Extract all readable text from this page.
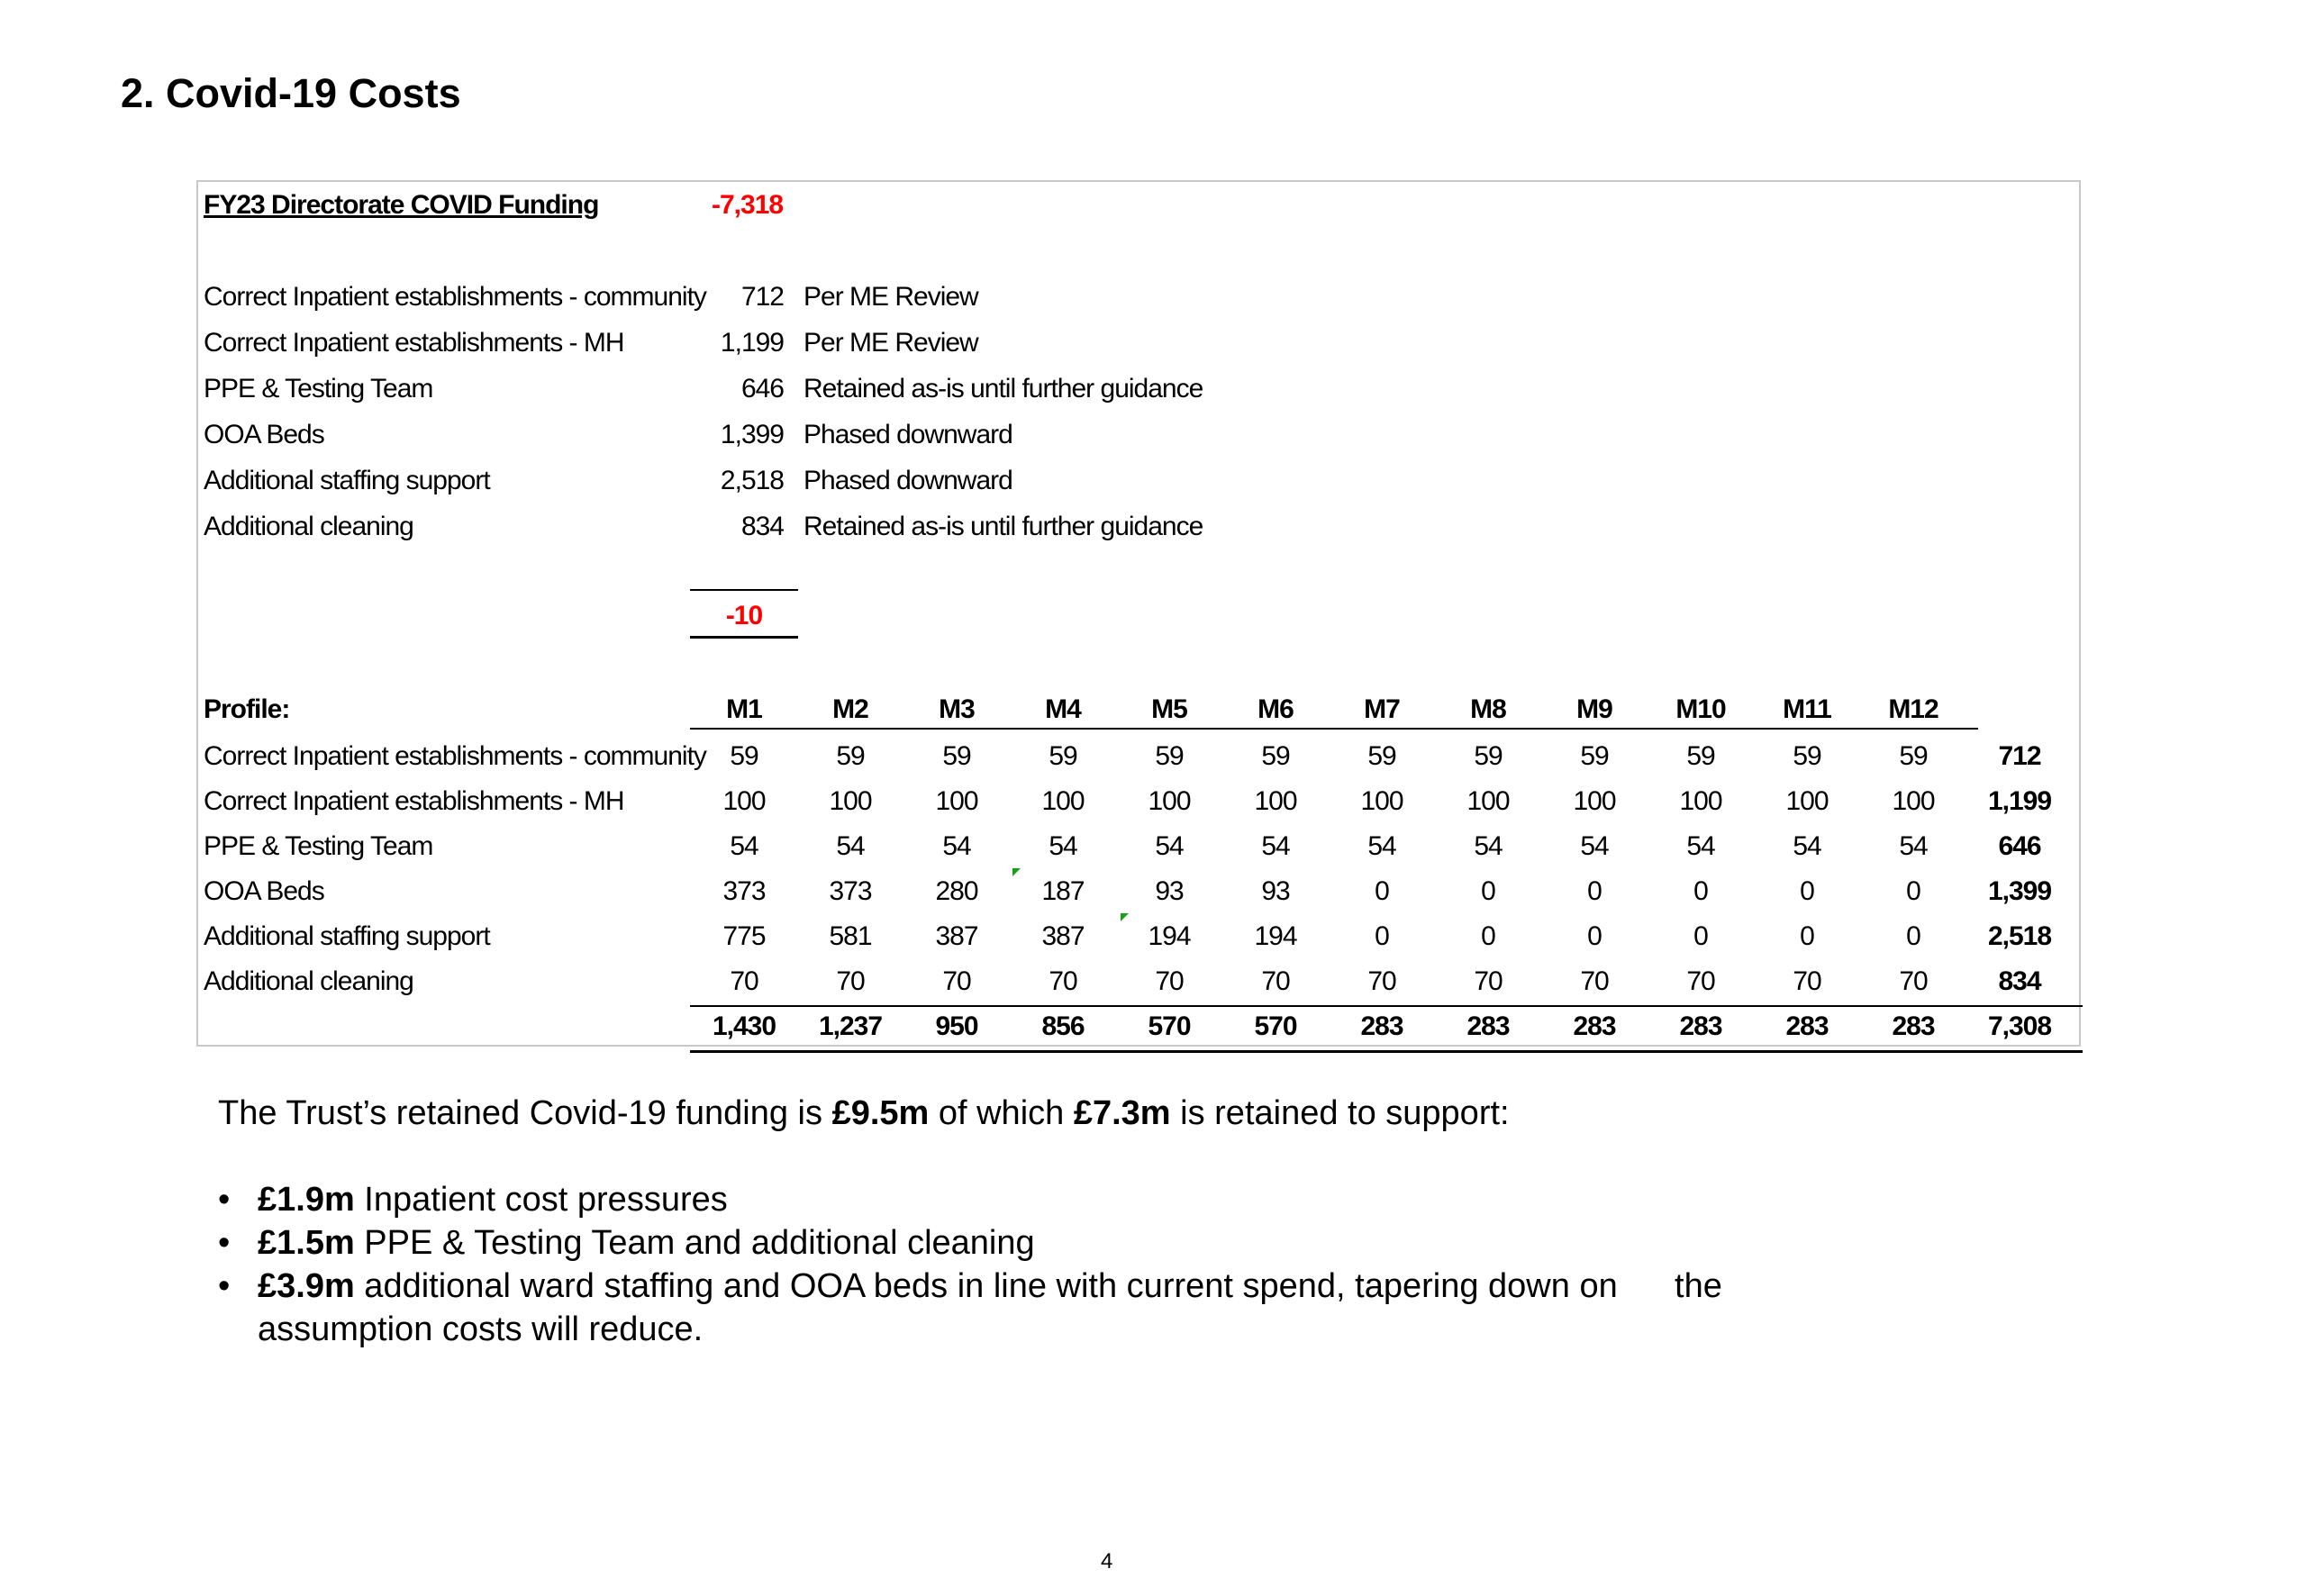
2. Covid-19 Costs
FY23 Directorate COVID Funding	-7,318
Correct Inpatient establishments - community	712 Per ME Review
Correct Inpatient establishments - MH	1,199 Per ME Review
PPE & Testing Team	646 Retained as-is until further guidance
OOA Beds	1,399 Phased downward
Additional staffing support	2,518 Phased downward
Additional cleaning	834 Retained as-is until further guidance
-10
Profile:	M1	M2	M3	M4	M5	M6	M7	M8	M9	M10	M11	M12
Correct Inpatient establishments - community 59	59	59	59	59	59	59	59	59	59	59	59	712
Correct Inpatient establishments - MH	100	100	100	100	100	100	100	100	100	100	100	100	1,199
PPE & Testing Team	54	54	54	54	54	54	54	54	54	54	54	54	646
OOA Beds	373	373	280	187	93	93	0	0	0	0	0	0	1,399
Additional staffing support	775	581	387	387	194	194	0	0	0	0	0	0	2,518
Additional cleaning	70	70	70	70	70	70	70	70	70	70	70	70	834
1,430	1,237	950	856	570	570	283	283	283	283	283	283	7,308
The Trust’s retained Covid-19 funding is £9.5m of which £7.3m is retained to support:
• £1.9m Inpatient cost pressures
• £1.5m PPE & Testing Team and additional cleaning
• £3.9m additional ward staffing and OOA beds in line with current spend, tapering down on      the
assumption costs will reduce.
4
